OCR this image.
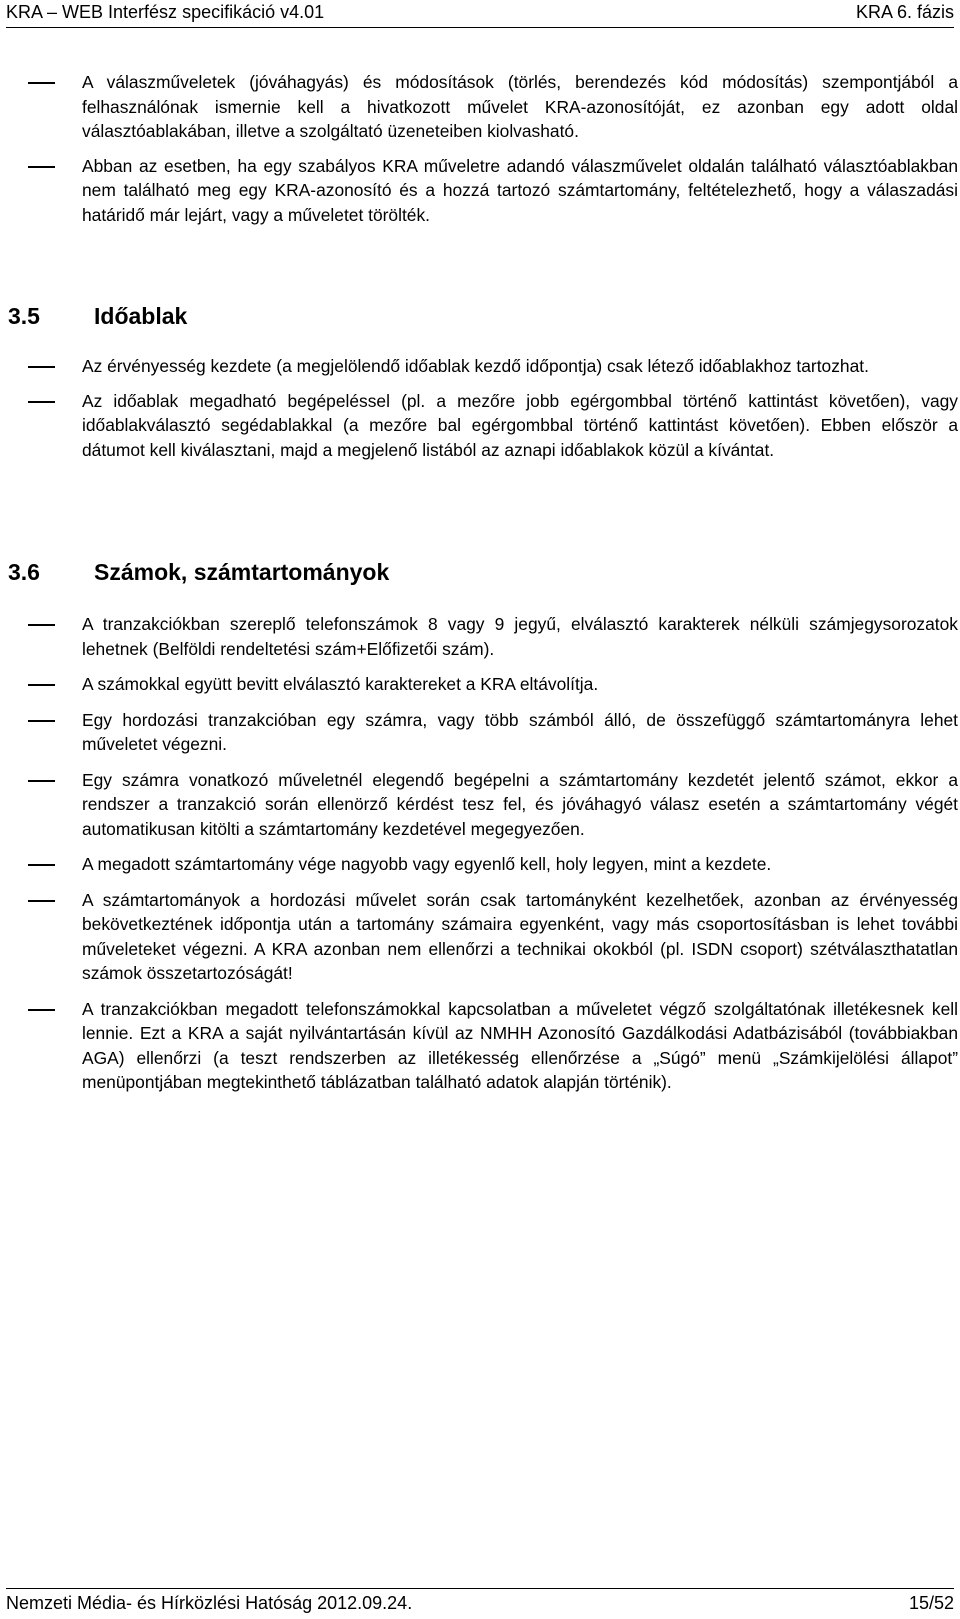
KRA – WEB Interfész specifikáció v4.01	KRA 6. fázis
A válaszműveletek (jóváhagyás) és módosítások (törlés, berendezés kód módosítás) szempontjából a felhasználónak ismernie kell a hivatkozott művelet KRA-azonosítóját, ez azonban egy adott oldal választóablakában, illetve a szolgáltató üzeneteiben kiolvasható.
Abban az esetben, ha egy szabályos KRA műveletre adandó válaszművelet oldalán található választóablakban nem található meg egy KRA-azonosító és a hozzá tartozó számtartomány, feltételezhető, hogy a válaszadási határidő már lejárt, vagy a műveletet törölték.
3.5 Időablak
Az érvényesség kezdete (a megjelölendő időablak kezdő időpontja) csak létező időablakhoz tartozhat.
Az időablak megadható begépeléssel (pl. a mezőre jobb egérgombbal történő kattintást követően), vagy időablakválasztó segédablakkal (a mezőre bal egérgombbal történő kattintást követően). Ebben először a dátumot kell kiválasztani, majd a megjelenő listából az aznapi időablakok közül a kívántat.
3.6 Számok, számtartományok
A tranzakciókban szereplő telefonszámok 8 vagy 9 jegyű, elválasztó karakterek nélküli számjegysorozatok lehetnek (Belföldi rendeltetési szám+Előfizetői szám).
A számokkal együtt bevitt elválasztó karaktereket a KRA eltávolítja.
Egy hordozási tranzakcióban egy számra, vagy több számból álló, de összefüggő számtartományra lehet műveletet végezni.
Egy számra vonatkozó műveletnél elegendő begépelni a számtartomány kezdetét jelentő számot, ekkor a rendszer a tranzakció során ellenörző kérdést tesz fel, és jóváhagyó válasz esetén a számtartomány végét automatikusan kitölti a számtartomány kezdetével megegyezően.
A megadott számtartomány vége nagyobb vagy egyenlő kell, holy legyen, mint a kezdete.
A számtartományok a hordozási művelet során csak tartományként kezelhetőek, azonban az érvényesség bekövetkeztének időpontja után a tartomány számaira egyenként, vagy más csoportosításban is lehet további műveleteket végezni. A KRA azonban nem ellenőrzi a technikai okokból (pl. ISDN csoport) szétválaszthatatlan számok összetartozóságát!
A tranzakciókban megadott telefonszámokkal kapcsolatban a műveletet végző szolgáltatónak illetékesnek kell lennie. Ezt a KRA a saját nyilvántartásán kívül az NMHH Azonosító Gazdálkodási Adatbázisából (továbbiakban AGA) ellenőrzi (a teszt rendszerben az illetékesség ellenőrzése a „Súgó” menü „Számkijelölési állapot” menüpontjában megtekinthető táblázatban található adatok alapján történik).
Nemzeti Média- és Hírközlési Hatóság 2012.09.24.	15/52
